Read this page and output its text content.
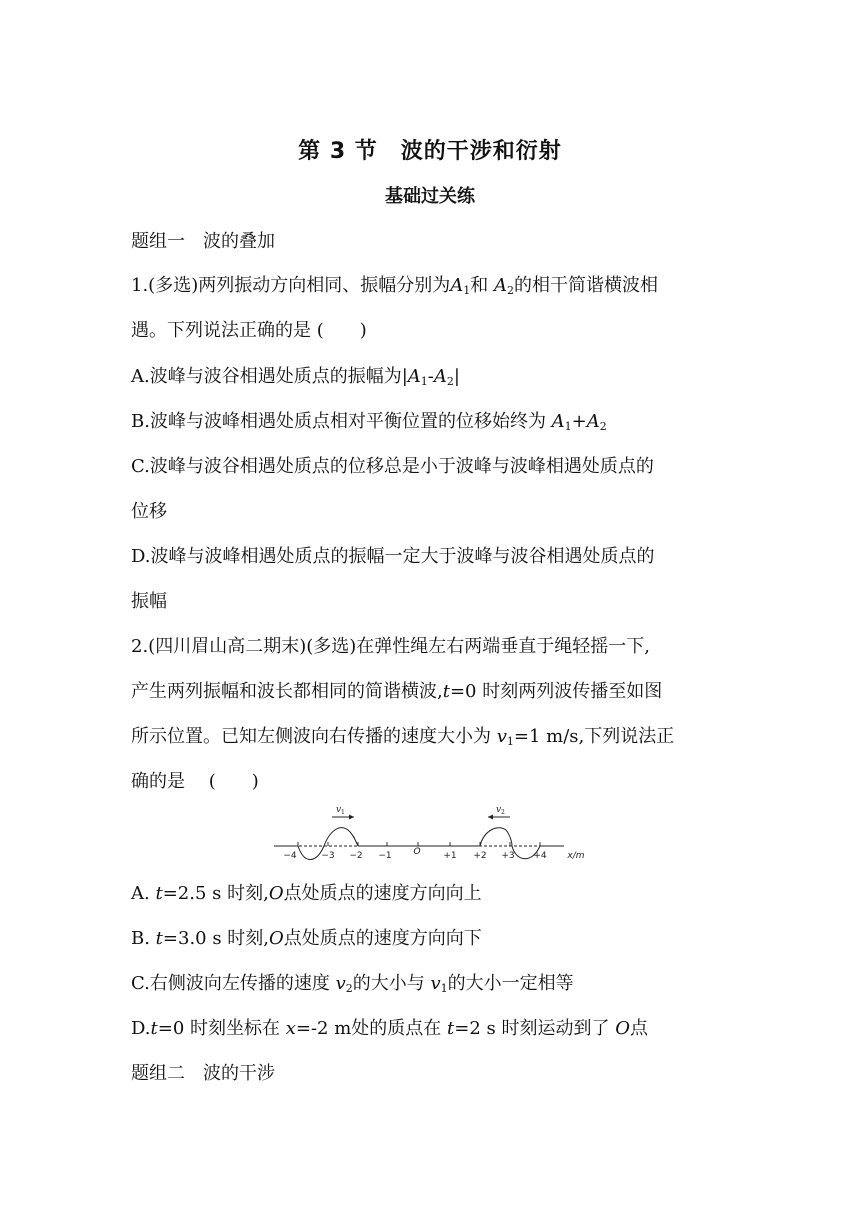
第 3 节　波的干涉和衍射
基础过关练
题组一　波的叠加
1.(多选)两列振动方向相同、振幅分别为$A_1$和 $A_2$的相干简谐横波相
遇。下列说法正确的是 (　　)
A.波峰与波谷相遇处质点的振幅为$|A_1-A_2|$
B.波峰与波峰相遇处质点相对平衡位置的位移始终为 $A_1+A_2$
C.波峰与波谷相遇处质点的位移总是小于波峰与波峰相遇处质点的
位移
D.波峰与波峰相遇处质点的振幅一定大于波峰与波谷相遇处质点的
振幅
2.(四川眉山高二期末)(多选)在弹性绳左右两端垂直于绳轻摇一下,
产生两列振幅和波长都相同的简谐横波,t=0 时刻两列波传播至如图
所示位置。已知左侧波向右传播的速度大小为 $v_1=1$ m/s,下列说法正
确的是　 (　　)
−4	−3 −2 −1 O	+1 +2 +3 +4 x/m
v 1	v 2
A. t=2.5 s 时刻,O点处质点的速度方向向上
B. t=3.0 s 时刻,O点处质点的速度方向向下
C.右侧波向左传播的速度 $v_2$的大小与 $v_1$的大小一定相等
D.t=0 时刻坐标在 x=-2 m处的质点在 t=2 s 时刻运动到了 O点
题组二　波的干涉
